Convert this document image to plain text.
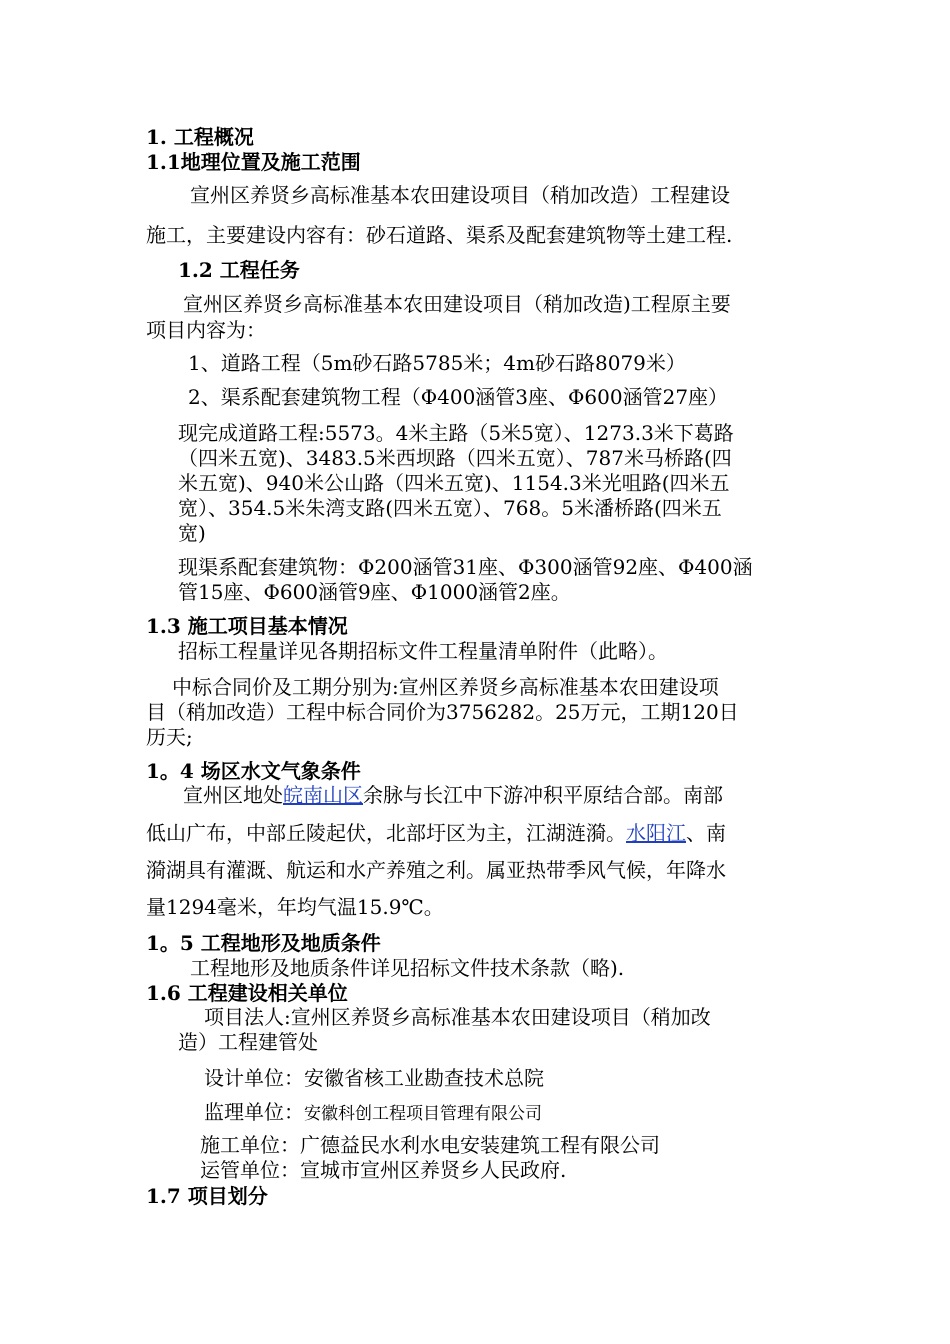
1. 工程概况
1.1地理位置及施工范围
宣州区养贤乡高标准基本农田建设项目（稍加改造）工程建设
施工，主要建设内容有：砂石道路、渠系及配套建筑物等土建工程.
1.2 工程任务
宣州区养贤乡高标准基本农田建设项目（稍加改造)工程原主要
项目内容为：
1、道路工程（5m砂石路5785米；4m砂石路8079米）
2、渠系配套建筑物工程（Φ400涵管3座、Φ600涵管27座）
现完成道路工程:5573。4米主路（5米5宽）、1273.3米下葛路
（四米五宽)、3483.5米西坝路（四米五宽）、787米马桥路(四
米五宽)、940米公山路（四米五宽)、1154.3米光咀路(四米五
宽）、354.5米朱湾支路(四米五宽）、768。5米潘桥路(四米五
宽)
现渠系配套建筑物：Φ200涵管31座、Φ300涵管92座、Φ400涵
管15座、Φ600涵管9座、Φ1000涵管2座。
1.3 施工项目基本情况
招标工程量详见各期招标文件工程量清单附件（此略）。
中标合同价及工期分别为:宣州区养贤乡高标准基本农田建设项
目（稍加改造）工程中标合同价为3756282。25万元，工期120日
历天;
1。4 场区水文气象条件
宣州区地处皖南山区余脉与长江中下游冲积平原结合部。南部
低山广布，中部丘陵起伏，北部圩区为主，江湖涟漪。水阳江、南
漪湖具有灌溉、航运和水产养殖之利。属亚热带季风气候，年降水
量1294毫米，年均气温15.9℃。
1。5 工程地形及地质条件
工程地形及地质条件详见招标文件技术条款（略).
1.6 工程建设相关单位
项目法人:宣州区养贤乡高标准基本农田建设项目（稍加改
造）工程建管处
设计单位：安徽省核工业勘查技术总院
监理单位：安徽科创工程项目管理有限公司
施工单位：广德益民水利水电安装建筑工程有限公司
运管单位：宣城市宣州区养贤乡人民政府.
1.7 项目划分
